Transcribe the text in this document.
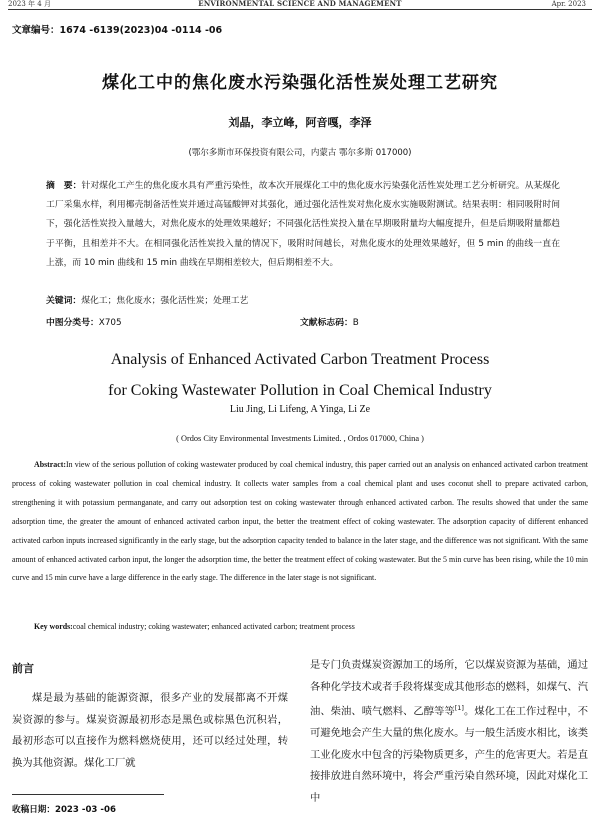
2023 年 4 月	ENVIRONMENTAL SCIENCE AND MANAGEMENT	Apr. 2023
文章编号：1674 -6139(2023)04 -0114 -06
煤化工中的焦化废水污染强化活性炭处理工艺研究
刘晶，李立峰，阿音嘎，李泽
(鄂尔多斯市环保投资有限公司，内蒙古 鄂尔多斯 017000)
摘　要：针对煤化工产生的焦化废水具有严重污染性，故本次开展煤化工中的焦化废水污染强化活性炭处理工艺分析研究。从某煤化工厂采集水样，利用椰壳制备活性炭并通过高锰酸钾对其强化，通过强化活性炭对焦化废水实施吸附测试。结果表明：相同吸附时间下，强化活性炭投入量越大，对焦化废水的处理效果越好；不同强化活性炭投入量在早期吸附量均大幅度提升，但是后期吸附量都趋于平衡，且相差并不大。在相同强化活性炭投入量的情况下，吸附时间越长，对焦化废水的处理效果越好，但 5 min 的曲线一直在上涨，而 10 min 曲线和 15 min 曲线在早期相差较大，但后期相差不大。
关键词：煤化工；焦化废水；强化活性炭；处理工艺
中图分类号：X705	文献标志码：B
Analysis of Enhanced Activated Carbon Treatment Process
for Coking Wastewater Pollution in Coal Chemical Industry
Liu Jing, Li Lifeng, A Yinga, Li Ze
( Ordos City Environmental Investments Limited. , Ordos 017000, China )
Abstract:In view of the serious pollution of coking wastewater produced by coal chemical industry, this paper carried out an analysis on enhanced activated carbon treatment process of coking wastewater pollution in coal chemical industry. It collects water samples from a coal chemical plant and uses coconut shell to prepare activated carbon, strengthening it with potassium permanganate, and carry out adsorption test on coking wastewater through enhanced activated carbon. The results showed that under the same adsorption time, the greater the amount of enhanced activated carbon input, the better the treatment effect of coking wastewater. The adsorption capacity of different enhanced activated carbon inputs increased significantly in the early stage, but the adsorption capacity tended to balance in the later stage, and the difference was not significant. With the same amount of enhanced activated carbon input, the longer the adsorption time, the better the treatment effect of coking wastewater. But the 5 min curve has been rising, while the 10 min curve and 15 min curve have a large difference in the early stage. The difference in the later stage is not significant.
Key words:coal chemical industry; coking wastewater; enhanced activated carbon; treatment process
前言

煤是最为基础的能源资源，很多产业的发展都离不开煤炭资源的参与。煤炭资源最初形态是黑色或棕黑色沉积岩，最初形态可以直接作为燃料燃烧使用，还可以经过处理，转换为其他资源。煤化工厂就

收稿日期：2023 -03 -06

是专门负责煤炭资源加工的场所，它以煤炭资源为基础，通过各种化学技术或者手段将煤变成其他形态的燃料，如煤气、汽油、柴油、喷气燃料、乙醇等等[1]。煤化工在工作过程中，不可避免地会产生大量的焦化废水。与一般生活废水相比，该类工业化废水中包含的污染物质更多，产生的危害更大。若是直接排放进自然环境中，将会严重污染自然环境，因此对煤化工中
